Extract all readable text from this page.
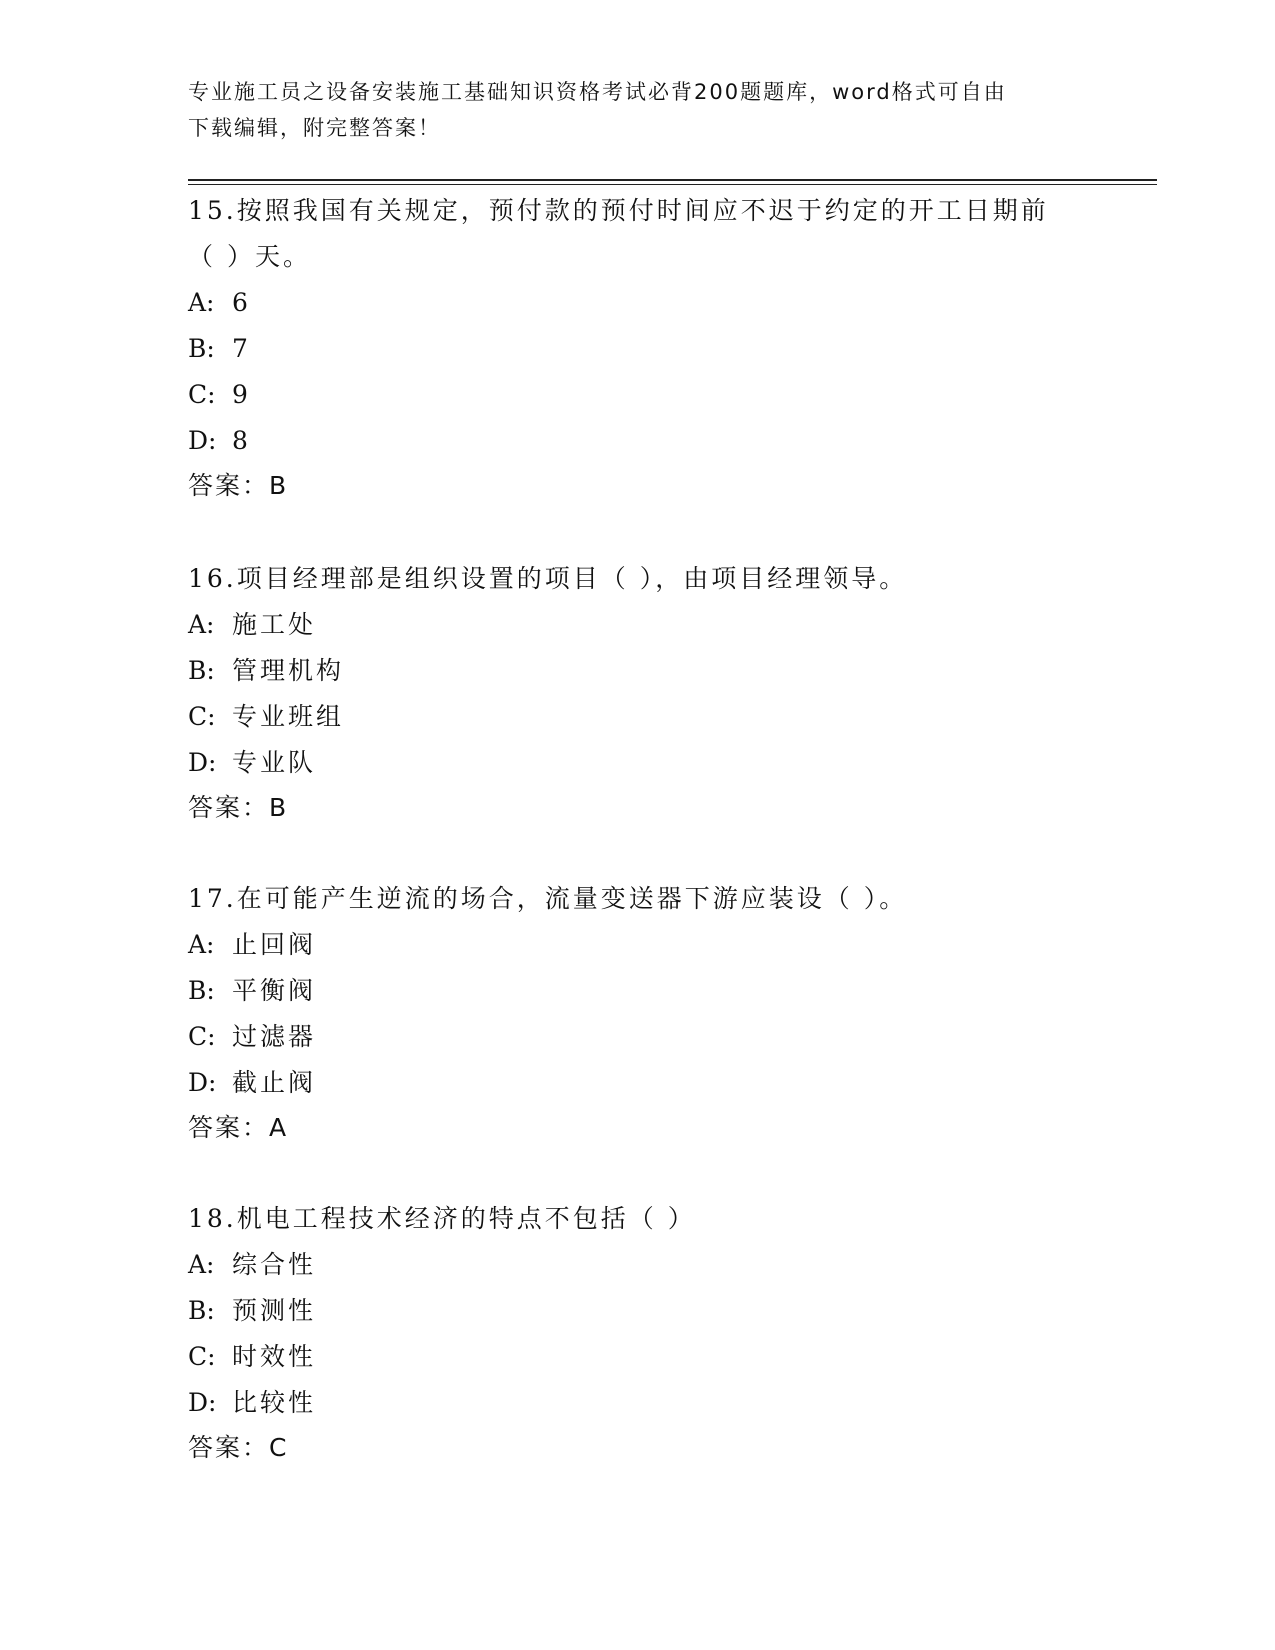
专业施工员之设备安装施工基础知识资格考试必背200题题库，word格式可自由
下载编辑，附完整答案！

15.按照我国有关规定，预付款的预付时间应不迟于约定的开工日期前

（ ）天。

A: 6

B: 7

C: 9

D: 8

答案：B

16.项目经理部是组织设置的项目（ ），由项目经理领导。

A: 施工处

B: 管理机构

C: 专业班组

D: 专业队

答案：B

17.在可能产生逆流的场合，流量变送器下游应装设（ ）。

A: 止回阀

B: 平衡阀

C: 过滤器

D: 截止阀

答案：A

18.机电工程技术经济的特点不包括（ ）

A: 综合性

B: 预测性

C: 时效性

D: 比较性

答案：C
